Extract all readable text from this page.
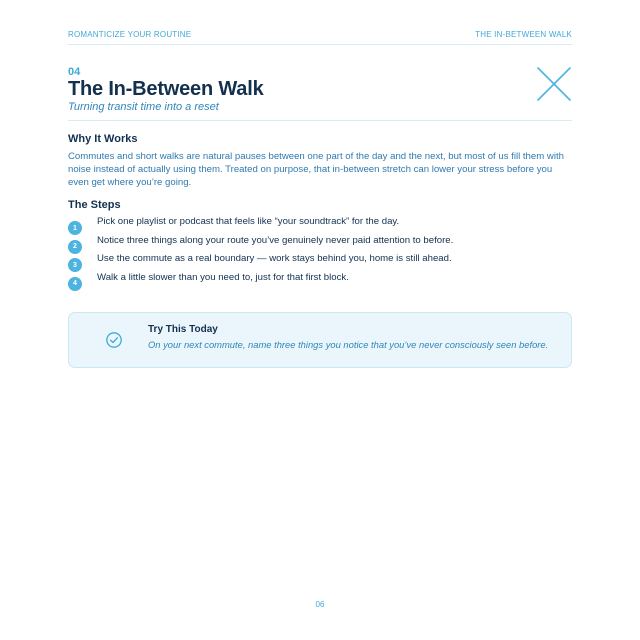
ROMANTICIZE YOUR ROUTINE	THE IN-BETWEEN WALK
04
The In-Between Walk
Turning transit time into a reset
Why It Works

Commutes and short walks are natural pauses between one part of the day and the next, but most of us fill them with noise instead of actually using them. Treated on purpose, that in-between stretch can lower your stress before you even get where you’re going.

The Steps
1
Pick one playlist or podcast that feels like “your soundtrack” for the day.
2
Notice three things along your route you’ve genuinely never paid attention to before.
3
Use the commute as a real boundary — work stays behind you, home is still ahead.
4
Walk a little slower than you need to, just for that first block.
Try This Today

On your next commute, name three things you notice that you’ve never consciously seen before.

06
